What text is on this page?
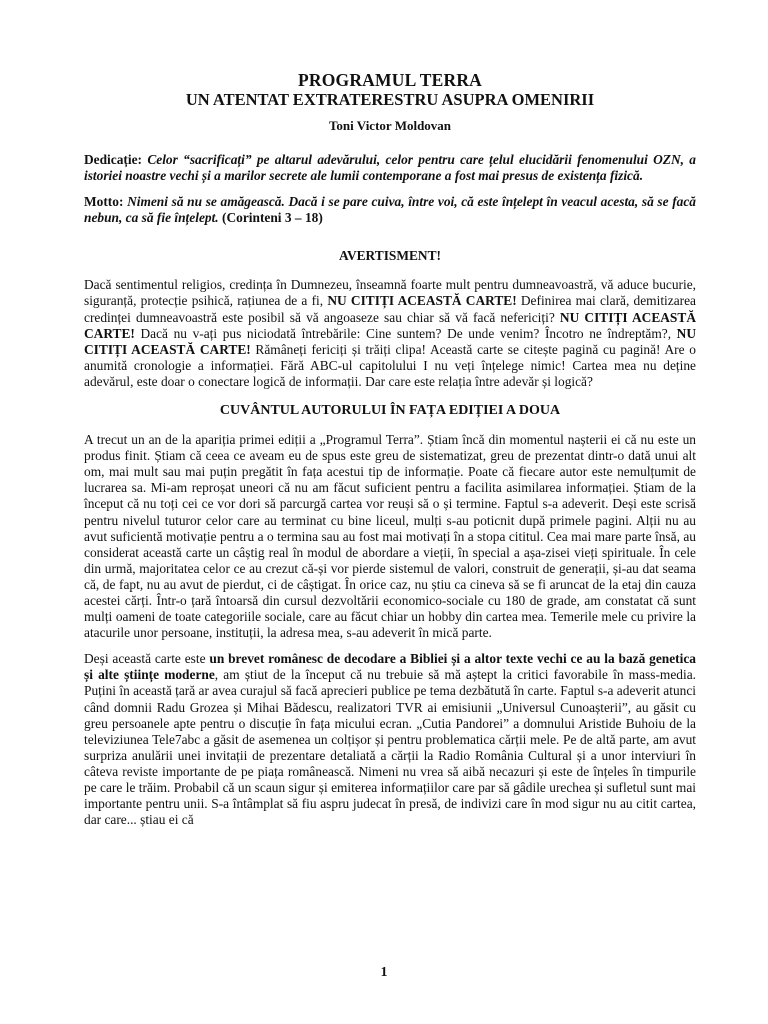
PROGRAMUL TERRA
UN ATENTAT EXTRATERESTRU ASUPRA OMENIRII
Toni Victor Moldovan

Dedicație: Celor “sacrificați” pe altarul adevărului, celor pentru care țelul elucidării fenomenului OZN, a istoriei noastre vechi și a marilor secrete ale lumii contemporane a fost mai presus de existența fizică.

Motto: Nimeni să nu se amăgească. Dacă i se pare cuiva, între voi, că este înțelept în veacul acesta, să se facă nebun, ca să fie înțelept. (Corinteni 3 – 18)

AVERTISMENT!

Dacă sentimentul religios, credința în Dumnezeu, înseamnă foarte mult pentru dumneavoastră, vă aduce bucurie, siguranță, protecție psihică, rațiunea de a fi, NU CITIȚI ACEASTĂ CARTE! Definirea mai clară, demitizarea credinței dumneavoastră este posibil să vă angoaseze sau chiar să vă facă nefericiți? NU CITIȚI ACEASTĂ CARTE! Dacă nu v-ați pus niciodată întrebările: Cine suntem? De unde venim? Încotro ne îndreptăm?, NU CITIȚI ACEASTĂ CARTE! Rămâneți fericiți și trăiți clipa! Această carte se citește pagină cu pagină! Are o anumită cronologie a informației. Fără ABC-ul capitolului I nu veți înțelege nimic! Cartea mea nu deține adevărul, este doar o conectare logică de informații. Dar care este relația între adevăr și logică?

CUVÂNTUL AUTORULUI ÎN FAȚA EDIȚIEI A DOUA

A trecut un an de la apariția primei ediții a „Programul Terra”. Știam încă din momentul nașterii ei că nu este un produs finit. Știam că ceea ce aveam eu de spus este greu de sistematizat, greu de prezentat dintr-o dată unui alt om, mai mult sau mai puțin pregătit în fața acestui tip de informație. Poate că fiecare autor este nemulțumit de lucrarea sa. Mi-am reproșat uneori că nu am făcut suficient pentru a facilita asimilarea informației. Știam de la început că nu toți cei ce vor dori să parcurgă cartea vor reuși să o și termine. Faptul s-a adeverit. Deși este scrisă pentru nivelul tuturor celor care au terminat cu bine liceul, mulți s-au poticnit după primele pagini. Alții nu au avut suficientă motivație pentru a o termina sau au fost mai motivați în a stopa cititul. Cea mai mare parte însă, au considerat această carte un câștig real în modul de abordare a vieții, în special a așa-zisei vieți spirituale. În cele din urmă, majoritatea celor ce au crezut că-și vor pierde sistemul de valori, construit de generații, și-au dat seama că, de fapt, nu au avut de pierdut, ci de câștigat. În orice caz, nu știu ca cineva să se fi aruncat de la etaj din cauza acestei cărți. Într-o țară întoarsă din cursul dezvoltării economico-sociale cu 180 de grade, am constatat că sunt mulți oameni de toate categoriile sociale, care au făcut chiar un hobby din cartea mea. Temerile mele cu privire la atacurile unor persoane, instituții, la adresa mea, s-au adeverit în mică parte.

Deși această carte este un brevet românesc de decodare a Bibliei și a altor texte vechi ce au la bază genetica și alte științe moderne, am știut de la început că nu trebuie să mă aștept la critici favorabile în mass-media. Puțini în această țară ar avea curajul să facă aprecieri publice pe tema dezbătută în carte. Faptul s-a adeverit atunci când domnii Radu Grozea și Mihai Bădescu, realizatori TVR ai emisiunii „Universul Cunoașterii”, au găsit cu greu persoanele apte pentru o discuție în fața micului ecran. „Cutia Pandorei” a domnului Aristide Buhoiu de la televiziunea Tele7abc a găsit de asemenea un colțișor și pentru problematica cărții mele. Pe de altă parte, am avut surpriza anulării unei invitații de prezentare detaliată a cărții la Radio România Cultural și a unor interviuri în câteva reviste importante de pe piața românească. Nimeni nu vrea să aibă necazuri și este de înțeles în timpurile pe care le trăim. Probabil că un scaun sigur și emiterea informațiilor care par să gâdile urechea și sufletul sunt mai importante pentru unii. S-a întâmplat să fiu aspru judecat în presă, de indivizi care în mod sigur nu au citit cartea, dar care... știau ei că

1
